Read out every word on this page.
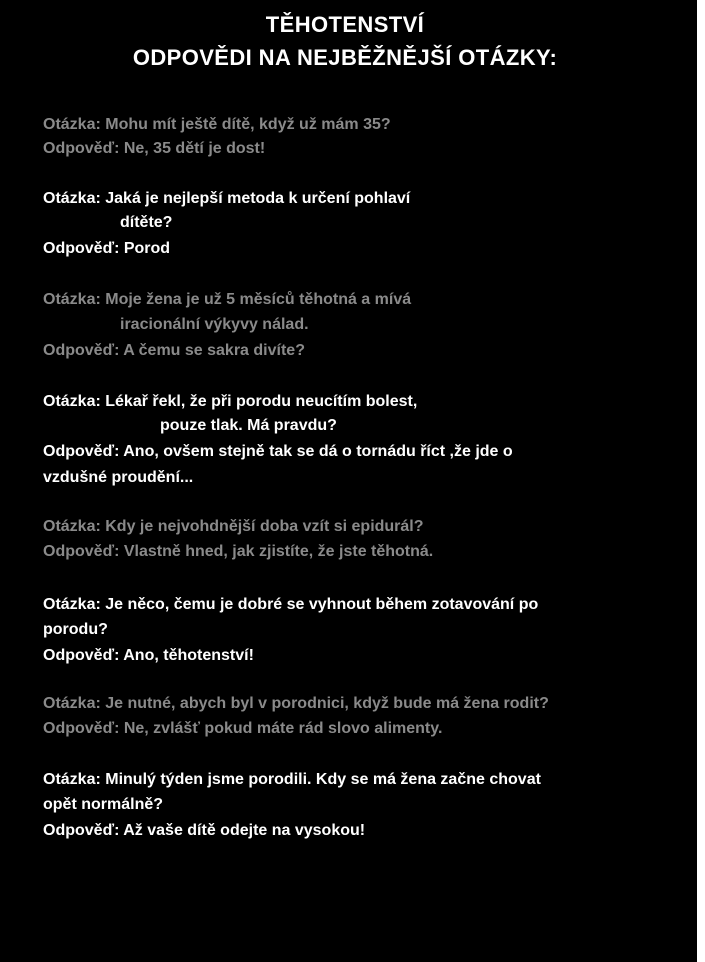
TĚHOTENSTVÍ
ODPOVĚDI NA NEJBĚŽNĚJŠÍ OTÁZKY:
Otázka: Mohu mít ještě dítě, když už mám 35?
Odpověď: Ne, 35 dětí je dost!
Otázka: Jaká je nejlepší metoda k určení pohlaví
dítěte?
Odpověď: Porod
Otázka: Moje žena je už 5 měsíců těhotná a mívá
iracionální výkyvy nálad.
Odpověď: A čemu se sakra divíte?
Otázka: Lékař řekl, že při porodu neucítím bolest,
pouze tlak. Má pravdu?
Odpověď: Ano, ovšem stejně tak se dá o tornádu říct ,že jde o
vzdušné proudění...
Otázka: Kdy je nejvohdnější doba vzít si epidurál?
Odpověď: Vlastně hned, jak zjistíte, že jste těhotná.
Otázka: Je něco, čemu je dobré se vyhnout během zotavování po
porodu?
Odpověď: Ano, těhotenství!
Otázka: Je nutné, abych byl v porodnici, když bude má žena rodit?
Odpověď: Ne, zvlášť pokud máte rád slovo alimenty.
Otázka: Minulý týden jsme porodili. Kdy se má žena začne chovat
opět normálně?
Odpověď: Až vaše dítě odejte na vysokou!
